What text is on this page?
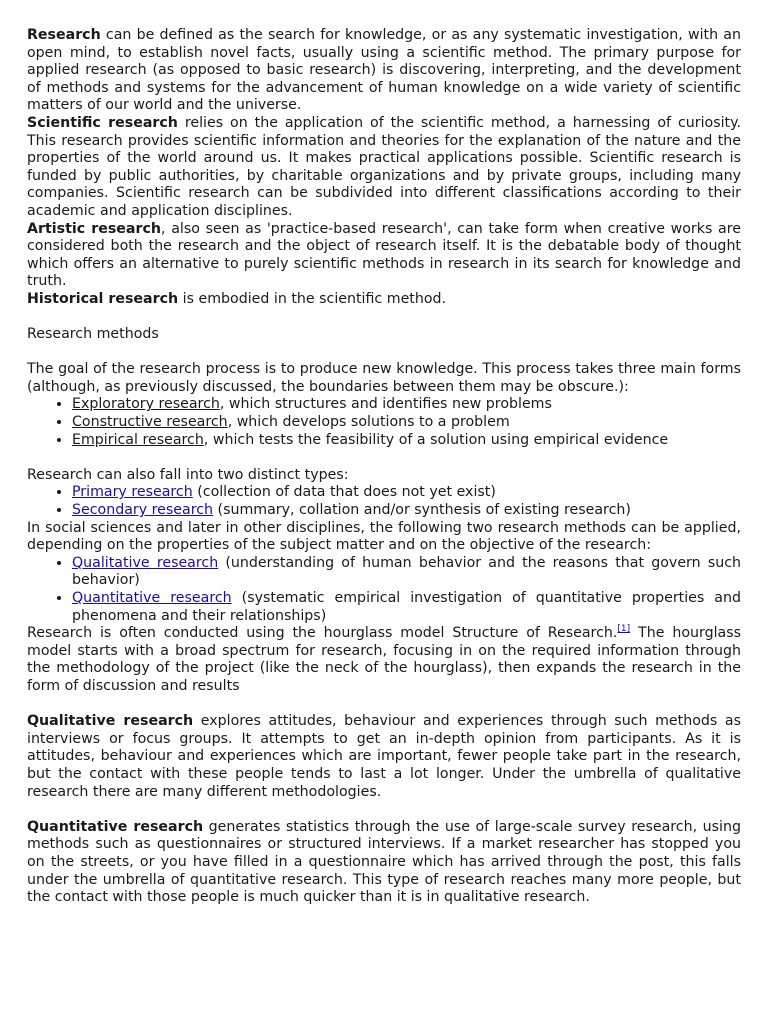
Research can be defined as the search for knowledge, or as any systematic investigation, with an open mind, to establish novel facts, usually using a scientific method. The primary purpose for applied research (as opposed to basic research) is discovering, interpreting, and the development of methods and systems for the advancement of human knowledge on a wide variety of scientific matters of our world and the universe.

Scientific research relies on the application of the scientific method, a harnessing of curiosity. This research provides scientific information and theories for the explanation of the nature and the properties of the world around us. It makes practical applications possible. Scientific research is funded by public authorities, by charitable organizations and by private groups, including many companies. Scientific research can be subdivided into different classifications according to their academic and application disciplines.

Artistic research, also seen as 'practice-based research', can take form when creative works are considered both the research and the object of research itself. It is the debatable body of thought which offers an alternative to purely scientific methods in research in its search for knowledge and truth.

Historical research is embodied in the scientific method.

Research methods

The goal of the research process is to produce new knowledge. This process takes three main forms (although, as previously discussed, the boundaries between them may be obscure.):

• Exploratory research, which structures and identifies new problems
• Constructive research, which develops solutions to a problem
• Empirical research, which tests the feasibility of a solution using empirical evidence

Research can also fall into two distinct types:

• Primary research (collection of data that does not yet exist)
• Secondary research (summary, collation and/or synthesis of existing research)

In social sciences and later in other disciplines, the following two research methods can be applied, depending on the properties of the subject matter and on the objective of the research:

• Qualitative research (understanding of human behavior and the reasons that govern such behavior)
• Quantitative research (systematic empirical investigation of quantitative properties and phenomena and their relationships)

Research is often conducted using the hourglass model Structure of Research.[1] The hourglass model starts with a broad spectrum for research, focusing in on the required information through the methodology of the project (like the neck of the hourglass), then expands the research in the form of discussion and results

Qualitative research explores attitudes, behaviour and experiences through such methods as interviews or focus groups. It attempts to get an in-depth opinion from participants. As it is attitudes, behaviour and experiences which are important, fewer people take part in the research, but the contact with these people tends to last a lot longer. Under the umbrella of qualitative research there are many different methodologies.

Quantitative research generates statistics through the use of large-scale survey research, using methods such as questionnaires or structured interviews. If a market researcher has stopped you on the streets, or you have filled in a questionnaire which has arrived through the post, this falls under the umbrella of quantitative research. This type of research reaches many more people, but the contact with those people is much quicker than it is in qualitative research.
